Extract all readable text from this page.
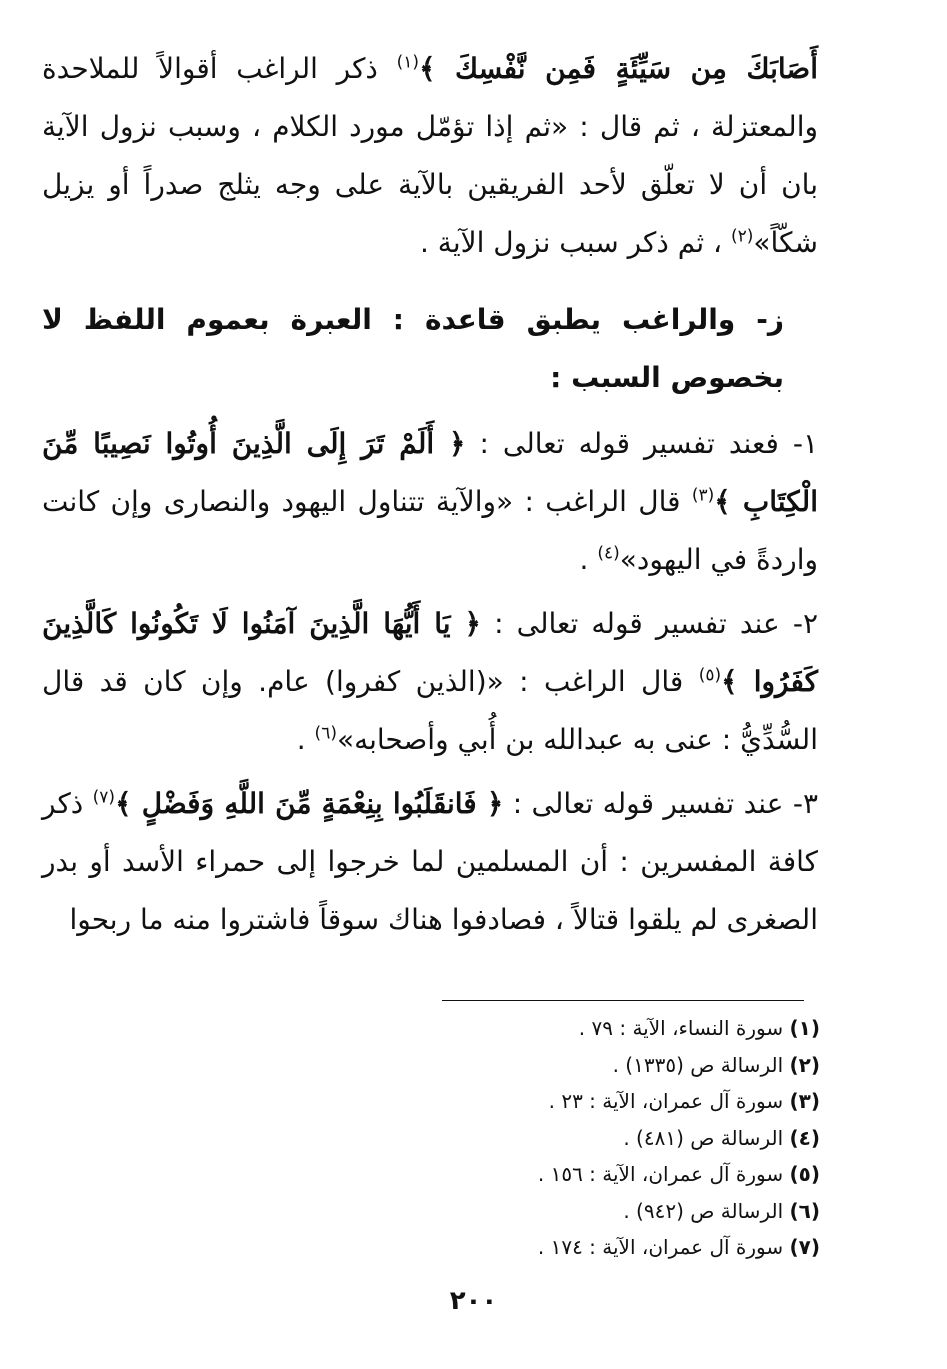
أَصَابَكَ مِن سَيِّئَةٍ فَمِن نَّفْسِكَ ﴾$^{(١)}$ ذكر الراغب أقوالاً للملاحدة والمعتزلة ، ثم قال : «ثم إذا تؤمّل مورد الكلام ، وسبب نزول الآية بان أن لا تعلّق لأحد الفريقين بالآية على وجه يثلج صدراً أو يزيل شكّاً»$^{(٢)}$ ، ثم ذكر سبب نزول الآية .
ز- والراغب يطبق قاعدة : العبرة بعموم اللفظ لا بخصوص السبب :
١- فعند تفسير قوله تعالى : ﴿ أَلَمْ تَرَ إِلَى الَّذِينَ أُوتُوا نَصِيبًا مِّنَ الْكِتَابِ ﴾$^{(٣)}$ قال الراغب : «والآية تتناول اليهود والنصارى وإن كانت واردةً في اليهود»$^{(٤)}$ .
٢- عند تفسير قوله تعالى : ﴿ يَا أَيُّهَا الَّذِينَ آمَنُوا لَا تَكُونُوا كَالَّذِينَ كَفَرُوا ﴾$^{(٥)}$ قال الراغب : «(الذين كفروا) عام. وإن كان قد قال السُّدِّيُّ : عنى به عبدالله بن أُبي وأصحابه»$^{(٦)}$ .
٣- عند تفسير قوله تعالى : ﴿ فَانقَلَبُوا بِنِعْمَةٍ مِّنَ اللَّهِ وَفَضْلٍ ﴾$^{(٧)}$ ذكر كافة المفسرين : أن المسلمين لما خرجوا إلى حمراء الأسد أو بدر الصغرى لم يلقوا قتالاً ، فصادفوا هناك سوقاً فاشتروا منه ما ربحوا
(١) سورة النساء، الآية : ٧٩ .
(٢) الرسالة ص (١٣٣٥) .
(٣) سورة آل عمران، الآية : ٢٣ .
(٤) الرسالة ص (٤٨١) .
(٥) سورة آل عمران، الآية : ١٥٦ .
(٦) الرسالة ص (٩٤٢) .
(٧) سورة آل عمران، الآية : ١٧٤ .
٢٠٠
